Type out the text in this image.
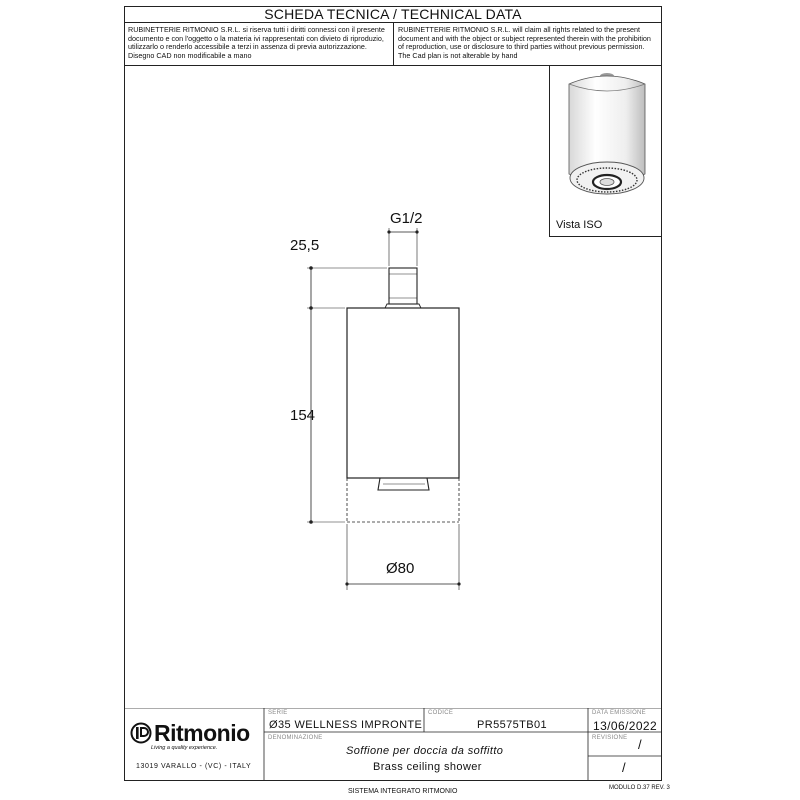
SCHEDA TECNICA / TECHNICAL DATA
RUBINETTERIE RITMONIO S.R.L. si riserva tutti i diritti connessi con il presente documento e con l'oggetto o la materia ivi rappresentati con divieto di riproduzio, utilizzarlo o renderlo accessibile a terzi in assenza di previa autorizzazione. Disegno CAD non modificabile a mano
RUBINETTERIE RITMONIO S.R.L. will claim all rights related to the present document and with the object or subject represented therein with the prohibition of reproduction, use or disclosure to third parties without previous permission. The Cad plan is not alterable by hand
Vista ISO
G1/2
25,5
154
Ø80
Ritmonio
Living a quality experience.
13019 VARALLO - (VC) - ITALY
SERIE
Ø35 WELLNESS IMPRONTE
CODICE
PR5575TB01
DATA EMISSIONE
13/06/2022
DENOMINAZIONE
Soffione per doccia da soffitto
Brass ceiling shower
REVISIONE /
/
SISTEMA INTEGRATO RITMONIO	MODULO D.37 REV. 3
